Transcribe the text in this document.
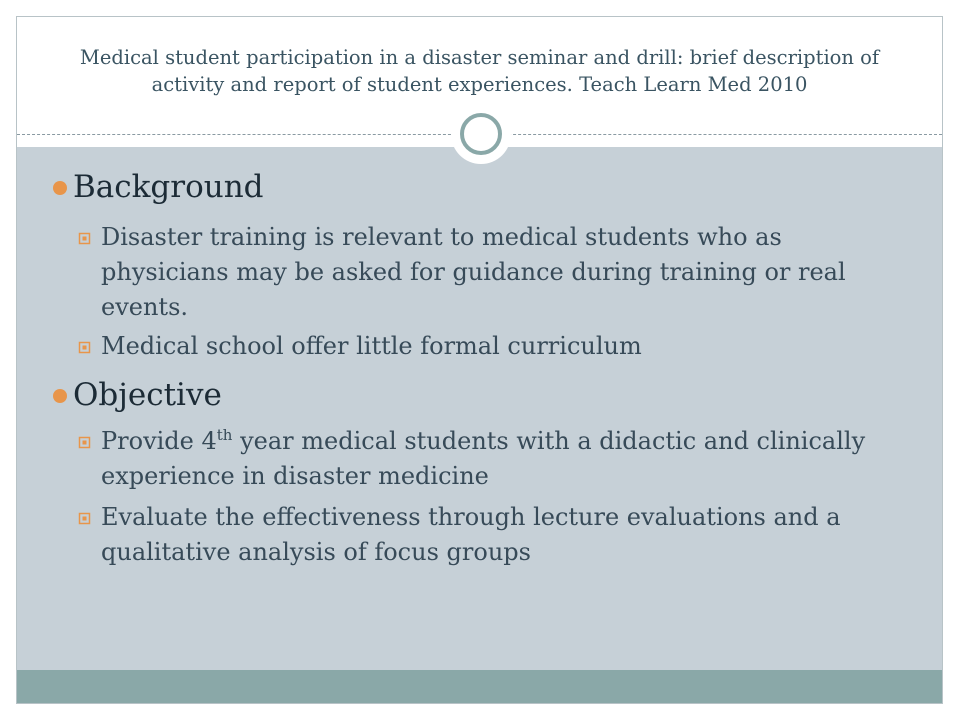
Medical student participation in a disaster seminar and drill: brief description of
activity and report of student experiences. Teach Learn Med 2010
Background
Disaster training is relevant to medical students who as
physicians may be asked for guidance during training or real
events.
Medical school offer little formal curriculum
Objective
Provide 4th year medical students with a didactic and clinically
experience in disaster medicine
Evaluate the effectiveness through lecture evaluations and a
qualitative analysis of focus groups
